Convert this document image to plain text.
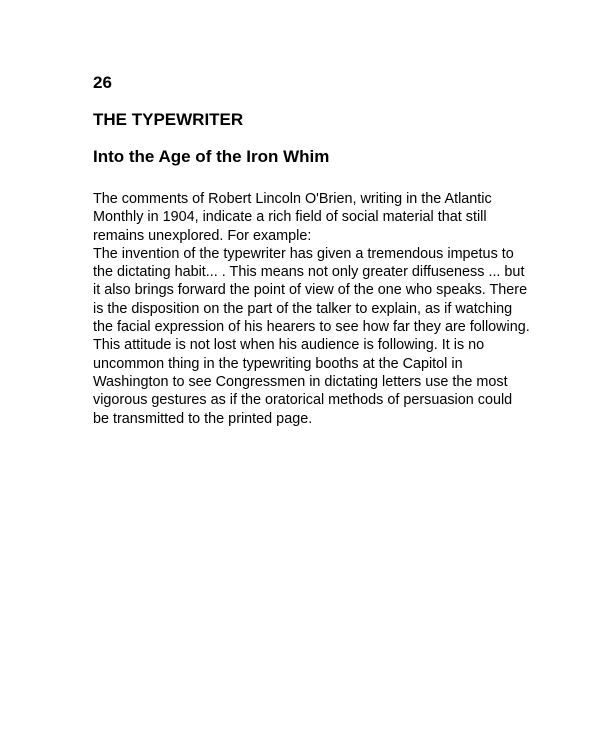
26
THE TYPEWRITER
Into the Age of the Iron Whim

The comments of Robert Lincoln O'Brien, writing in the Atlantic

Monthly in 1904, indicate a rich field of social material that still

remains unexplored. For example:

The invention of the typewriter has given a tremendous impetus to

the dictating habit... . This means not only greater diffuseness ... but

it also brings forward the point of view of the one who speaks. There

is the disposition on the part of the talker to explain, as if watching

the facial expression of his hearers to see how far they are following.

This attitude is not lost when his audience is following. It is no

uncommon thing in the typewriting booths at the Capitol in

Washington to see Congressmen in dictating letters use the most

vigorous gestures as if the oratorical methods of persuasion could

be transmitted to the printed page.
